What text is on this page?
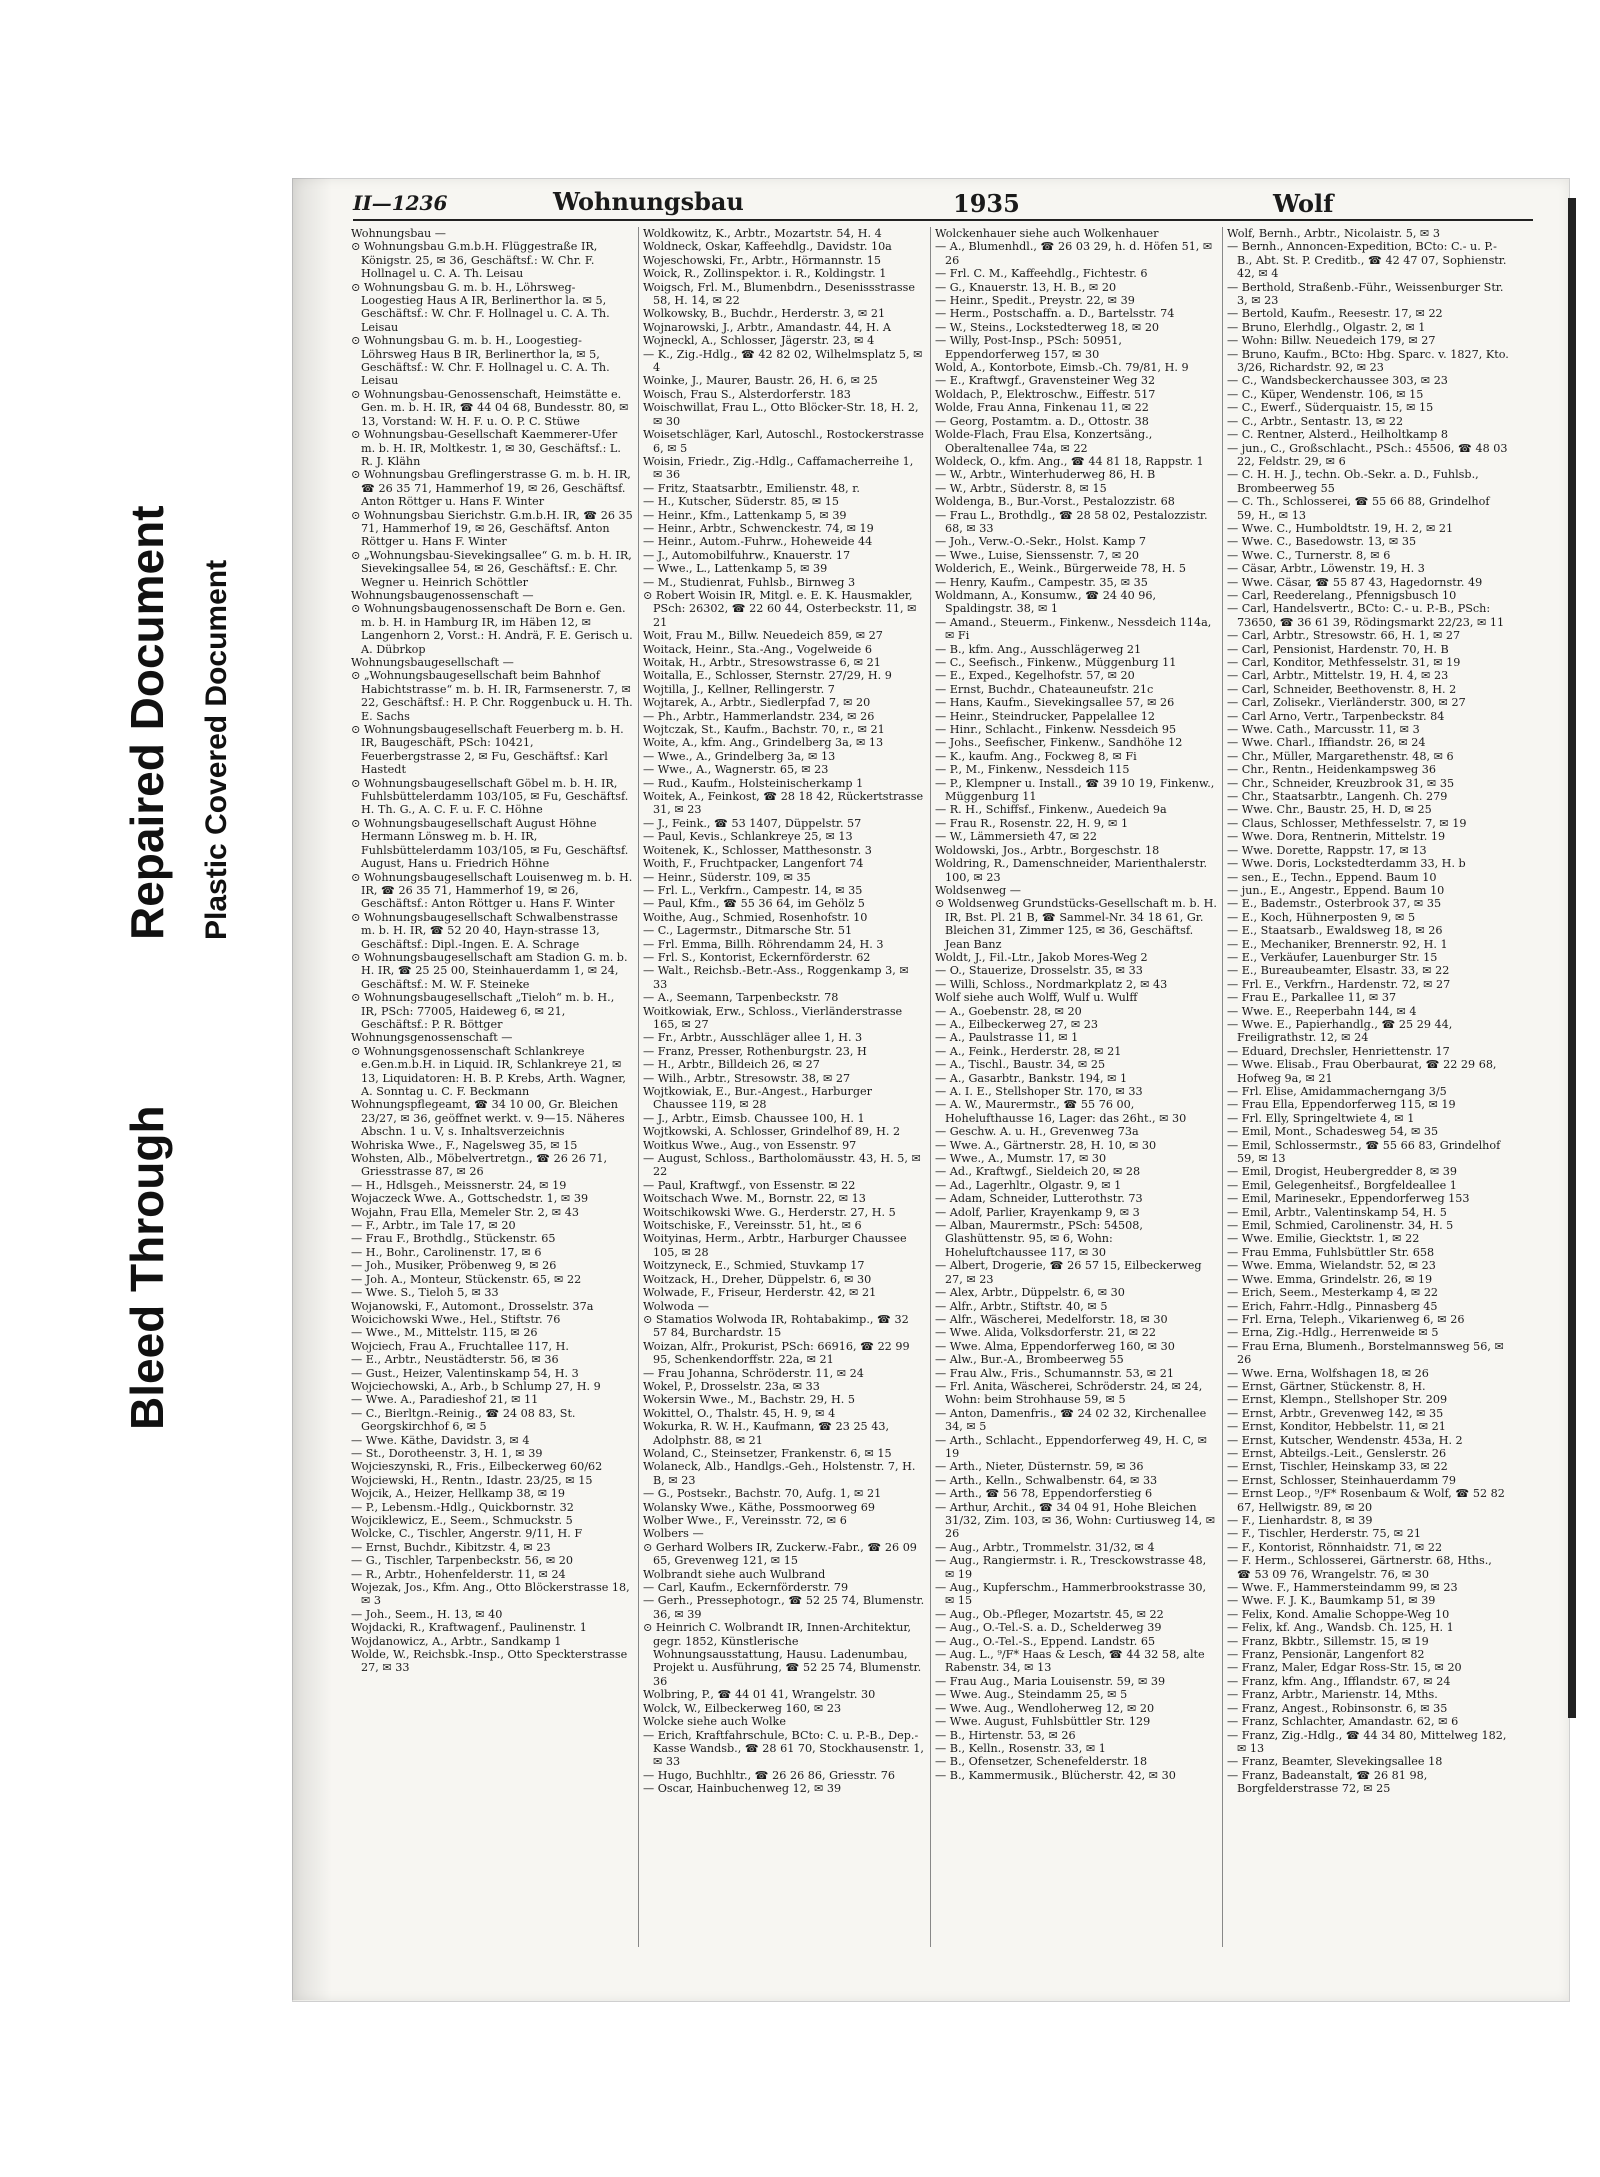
Bleed Through
Repaired Document Plastic Covered Document
II—1236	Wohnungsbau	1935	Wolf

Wohnungsbau —

⊙ Wohnungsbau G.m.b.H. Flüggestraße IR, Königstr. 25, ✉ 36, Geschäftsf.: W. Chr. F. Hollnagel u. C. A. Th. Leisau

⊙ Wohnungsbau G. m. b. H., Löhrsweg-Loogestieg Haus A IR, Berlinerthor la. ✉ 5, Geschäftsf.: W. Chr. F. Hollnagel u. C. A. Th. Leisau

⊙ Wohnungsbau G. m. b. H., Loogestieg-Löhrsweg Haus B IR, Berlinerthor la, ✉ 5, Geschäftsf.: W. Chr. F. Hollnagel u. C. A. Th. Leisau

⊙ Wohnungsbau-Genossenschaft, Heimstätte e. Gen. m. b. H. IR, ☎ 44 04 68, Bundesstr. 80, ✉ 13, Vorstand: W. H. F. u. O. P. C. Stüwe

⊙ Wohnungsbau-Gesellschaft Kaemmerer-Ufer m. b. H. IR, Moltkestr. 1, ✉ 30, Geschäftsf.: L. R. J. Klähn

⊙ Wohnungsbau Greflingerstrasse G. m. b. H. IR, ☎ 26 35 71, Hammerhof 19, ✉ 26, Geschäftsf. Anton Röttger u. Hans F. Winter

⊙ Wohnungsbau Sierichstr. G.m.b.H. IR, ☎ 26 35 71, Hammerhof 19, ✉ 26, Geschäftsf. Anton Röttger u. Hans F. Winter

⊙ „Wohnungsbau-Sievekingsallee“ G. m. b. H. IR, Sievekingsallee 54, ✉ 26, Geschäftsf.: E. Chr. Wegner u. Heinrich Schöttler

Wohnungsbaugenossenschaft —

⊙ Wohnungsbaugenossenschaft De Born e. Gen. m. b. H. in Hamburg IR, im Häben 12, ✉ Langenhorn 2, Vorst.: H. Andrä, F. E. Gerisch u. A. Dübrkop

Wohnungsbaugesellschaft —

⊙ „Wohnungsbaugesellschaft beim Bahnhof Habichtstrasse“ m. b. H. IR, Farmsenerstr. 7, ✉ 22, Geschäftsf.: H. P. Chr. Roggenbuck u. H. Th. E. Sachs

⊙ Wohnungsbaugesellschaft Feuerberg m. b. H. IR, Baugeschäft, PSch: 10421, Feuerbergstrasse 2, ✉ Fu, Geschäftsf.: Karl Hastedt

⊙ Wohnungsbaugesellschaft Göbel m. b. H. IR, Fuhlsbüttelerdamm 103/105, ✉ Fu, Geschäftsf. H. Th. G., A. C. F. u. F. C. Höhne

⊙ Wohnungsbaugesellschaft August Höhne Hermann Lönsweg m. b. H. IR, Fuhlsbüttelerdamm 103/105, ✉ Fu, Geschäftsf. August, Hans u. Friedrich Höhne

⊙ Wohnungsbaugesellschaft Louisenweg m. b. H. IR, ☎ 26 35 71, Hammerhof 19, ✉ 26, Geschäftsf.: Anton Röttger u. Hans F. Winter

⊙ Wohnungsbaugesellschaft Schwalbenstrasse m. b. H. IR, ☎ 52 20 40, Hayn-strasse 13, Geschäftsf.: Dipl.-Ingen. E. A. Schrage

⊙ Wohnungsbaugesellschaft am Stadion G. m. b. H. IR, ☎ 25 25 00, Steinhauerdamm 1, ✉ 24, Geschäftsf.: M. W. F. Steineke

⊙ Wohnungsbaugesellschaft „Tieloh“ m. b. H., IR, PSch: 77005, Haideweg 6, ✉ 21, Geschäftsf.: P. R. Böttger

Wohnungsgenossenschaft —

⊙ Wohnungsgenossenschaft Schlankreye e.Gen.m.b.H. in Liquid. IR, Schlankreye 21, ✉ 13, Liquidatoren: H. B. P. Krebs, Arth. Wagner, A. Sonntag u. C. F. Beckmann

Wohnungspflegeamt, ☎ 34 10 00, Gr. Bleichen 23/27, ✉ 36, geöffnet werkt. v. 9—15. Näheres Abschn. 1 u. V, s. Inhaltsverzeichnis

Wohriska Wwe., F., Nagelsweg 35, ✉ 15

Wohsten, Alb., Möbelvertretgn., ☎ 26 26 71, Griesstrasse 87, ✉ 26

— H., Hdlsgeh., Meissnerstr. 24, ✉ 19

Wojaczeck Wwe. A., Gottschedstr. 1, ✉ 39

Wojahn, Frau Ella, Memeler Str. 2, ✉ 43

— F., Arbtr., im Tale 17, ✉ 20

— Frau F., Brothdlg., Stückenstr. 65

— H., Bohr., Carolinenstr. 17, ✉ 6

— Joh., Musiker, Pröbenweg 9, ✉ 26

— Joh. A., Monteur, Stückenstr. 65, ✉ 22

— Wwe. S., Tieloh 5, ✉ 33

Wojanowski, F., Automont., Drosselstr. 37a

Woicichowski Wwe., Hel., Stiftstr. 76

— Wwe., M., Mittelstr. 115, ✉ 26

Wojciech, Frau A., Fruchtallee 117, H.

— E., Arbtr., Neustädterstr. 56, ✉ 36

— Gust., Heizer, Valentinskamp 54, H. 3

Wojciechowski, A., Arb., b Schlump 27, H. 9

— Wwe. A., Paradieshof 21, ✉ 11

— C., Bierltgn.-Reinig., ☎ 24 08 83, St. Georgskirchhof 6, ✉ 5

— Wwe. Käthe, Davidstr. 3, ✉ 4

— St., Dorotheenstr. 3, H. 1, ✉ 39

Wojcieszynski, R., Fris., Eilbeckerweg 60/62

Wojciewski, H., Rentn., Idastr. 23/25, ✉ 15

Wojcik, A., Heizer, Hellkamp 38, ✉ 19

— P., Lebensm.-Hdlg., Quickbornstr. 32

Wojciklewicz, E., Seem., Schmuckstr. 5

Wolcke, C., Tischler, Angerstr. 9/11, H. F

— Ernst, Buchdr., Kibitzstr. 4, ✉ 23

— G., Tischler, Tarpenbeckstr. 56, ✉ 20

— R., Arbtr., Hohenfelderstr. 11, ✉ 24

Wojezak, Jos., Kfm. Ang., Otto Blöckerstrasse 18, ✉ 3

— Joh., Seem., H. 13, ✉ 40

Wojdacki, R., Kraftwagenf., Paulinenstr. 1

Wojdanowicz, A., Arbtr., Sandkamp 1

Wolde, W., Reichsbk.-Insp., Otto Speckterstrasse 27, ✉ 33

Woldkowitz, K., Arbtr., Mozartstr. 54, H. 4

Woldneck, Oskar, Kaffeehdlg., Davidstr. 10a

Wojeschowski, Fr., Arbtr., Hörmannstr. 15

Woick, R., Zollinspektor. i. R., Koldingstr. 1

Woigsch, Frl. M., Blumenbdrn., Desenissstrasse 58, H. 14, ✉ 22

Wolkowsky, B., Buchdr., Herderstr. 3, ✉ 21

Wojnarowski, J., Arbtr., Amandastr. 44, H. A

Wojneckl, A., Schlosser, Jägerstr. 23, ✉ 4

— K., Zig.-Hdlg., ☎ 42 82 02, Wilhelmsplatz 5, ✉ 4

Woinke, J., Maurer, Baustr. 26, H. 6, ✉ 25

Woisch, Frau S., Alsterdorferstr. 183

Woischwillat, Frau L., Otto Blöcker-Str. 18, H. 2, ✉ 30

Woisetschläger, Karl, Autoschl., Rostockerstrasse 6, ✉ 5

Woisin, Friedr., Zig.-Hdlg., Caffamacherreihe 1, ✉ 36

— Fritz, Staatsarbtr., Emilienstr. 48, r.

— H., Kutscher, Süderstr. 85, ✉ 15

— Heinr., Kfm., Lattenkamp 5, ✉ 39

— Heinr., Arbtr., Schwenckestr. 74, ✉ 19

— Heinr., Autom.-Fuhrw., Hoheweide 44

— J., Automobilfuhrw., Knauerstr. 17

— Wwe., L., Lattenkamp 5, ✉ 39

— M., Studienrat, Fuhlsb., Birnweg 3

⊙ Robert Woisin IR, Mitgl. e. E. K. Hausmakler, PSch: 26302, ☎ 22 60 44, Osterbeckstr. 11, ✉ 21

Woit, Frau M., Billw. Neuedeich 859, ✉ 27

Woitack, Heinr., Sta.-Ang., Vogelweide 6

Woitak, H., Arbtr., Stresowstrasse 6, ✉ 21

Woitalla, E., Schlosser, Sternstr. 27/29, H. 9

Wojtilla, J., Kellner, Rellingerstr. 7

Wojtarek, A., Arbtr., Siedlerpfad 7, ✉ 20

— Ph., Arbtr., Hammerlandstr. 234, ✉ 26

Wojtczak, St., Kaufm., Bachstr. 70, r., ✉ 21

Woite, A., kfm. Ang., Grindelberg 3a, ✉ 13

— Wwe., A., Grindelberg 3a, ✉ 13

— Wwe., A., Wagnerstr. 65, ✉ 23

— Rud., Kaufm., Holsteinischerkamp 1

Woitek, A., Feinkost, ☎ 28 18 42, Rückertstrasse 31, ✉ 23

— J., Feink., ☎ 53 1407, Düppelstr. 57

— Paul, Kevis., Schlankreye 25, ✉ 13

Woitenek, K., Schlosser, Matthesonstr. 3

Woith, F., Fruchtpacker, Langenfort 74

— Heinr., Süderstr. 109, ✉ 35

— Frl. L., Verkfrn., Campestr. 14, ✉ 35

— Paul, Kfm., ☎ 55 36 64, im Gehölz 5

Woithe, Aug., Schmied, Rosenhofstr. 10

— C., Lagermstr., Ditmarsche Str. 51

— Frl. Emma, Billh. Röhrendamm 24, H. 3

— Frl. S., Kontorist, Eckernförderstr. 62

— Walt., Reichsb.-Betr.-Ass., Roggenkamp 3, ✉ 33

— A., Seemann, Tarpenbeckstr. 78

Woitkowiak, Erw., Schloss., Vierländerstrasse 165, ✉ 27

— Fr., Arbtr., Ausschläger allee 1, H. 3

— Franz, Presser, Rothenburgstr. 23, H

— H., Arbtr., Billdeich 26, ✉ 27

— Wilh., Arbtr., Stresowstr. 38, ✉ 27

Wojtkowiak, E., Bur.-Angest., Harburger Chaussee 119, ✉ 28

— J., Arbtr., Eimsb. Chaussee 100, H. 1

Wojtkowski, A. Schlosser, Grindelhof 89, H. 2

Woitkus Wwe., Aug., von Essenstr. 97

— August, Schloss., Bartholomäusstr. 43, H. 5, ✉ 22

— Paul, Kraftwgf., von Essenstr. ✉ 22

Woitschach Wwe. M., Bornstr. 22, ✉ 13

Woitschikowski Wwe. G., Herderstr. 27, H. 5

Woitschiske, F., Vereinsstr. 51, ht., ✉ 6

Woityinas, Herm., Arbtr., Harburger Chaussee 105, ✉ 28

Woitzyneck, E., Schmied, Stuvkamp 17

Woitzack, H., Dreher, Düppelstr. 6, ✉ 30

Wolwade, F., Friseur, Herderstr. 42, ✉ 21

Wolwoda —

⊙ Stamatios Wolwoda IR, Rohtabakimp., ☎ 32 57 84, Burchardstr. 15

Woizan, Alfr., Prokurist, PSch: 66916, ☎ 22 99 95, Schenkendorffstr. 22a, ✉ 21

— Frau Johanna, Schröderstr. 11, ✉ 24

Wokel, P., Drosselstr. 23a, ✉ 33

Wokersin Wwe., M., Bachstr. 29, H. 5

Wokittel, O., Thalstr. 45, H. 9, ✉ 4

Wokurka, R. W. H., Kaufmann, ☎ 23 25 43, Adolphstr. 88, ✉ 21

Woland, C., Steinsetzer, Frankenstr. 6, ✉ 15

Wolaneck, Alb., Handlgs.-Geh., Holstenstr. 7, H. B, ✉ 23

— G., Postsekr., Bachstr. 70, Aufg. 1, ✉ 21

Wolansky Wwe., Käthe, Possmoorweg 69

Wolber Wwe., F., Vereinsstr. 72, ✉ 6

Wolbers —

⊙ Gerhard Wolbers IR, Zuckerw.-Fabr., ☎ 26 09 65, Grevenweg 121, ✉ 15

Wolbrandt siehe auch Wulbrand

— Carl, Kaufm., Eckernförderstr. 79

— Gerh., Pressephotogr., ☎ 52 25 74, Blumenstr. 36, ✉ 39

⊙ Heinrich C. Wolbrandt IR, Innen-Architektur, gegr. 1852, Künstlerische Wohnungsausstattung, Hausu. Ladenumbau, Projekt u. Ausführung, ☎ 52 25 74, Blumenstr. 36

Wolbring, P., ☎ 44 01 41, Wrangelstr. 30

Wolck, W., Eilbeckerweg 160, ✉ 23

Wolcke siehe auch Wolke

— Erich, Kraftfahrschule, BCto: C. u. P.-B., Dep.-Kasse Wandsb., ☎ 28 61 70, Stockhausenstr. 1, ✉ 33

— Hugo, Buchhltr., ☎ 26 26 86, Griesstr. 76

— Oscar, Hainbuchenweg 12, ✉ 39

Wolckenhauer siehe auch Wolkenhauer

— A., Blumenhdl., ☎ 26 03 29, h. d. Höfen 51, ✉ 26

— Frl. C. M., Kaffeehdlg., Fichtestr. 6

— G., Knauerstr. 13, H. B., ✉ 20

— Heinr., Spedit., Preystr. 22, ✉ 39

— Herm., Postschaffn. a. D., Bartelsstr. 74

— W., Steins., Lockstedterweg 18, ✉ 20

— Willy, Post-Insp., PSch: 50951, Eppendorferweg 157, ✉ 30

Wold, A., Kontorbote, Eimsb.-Ch. 79/81, H. 9

— E., Kraftwgf., Gravensteiner Weg 32

Woldach, P., Elektroschw., Eiffestr. 517

Wolde, Frau Anna, Finkenau 11, ✉ 22

— Georg, Postamtm. a. D., Ottostr. 38

Wolde-Flach, Frau Elsa, Konzertsäng., Oberaltenallee 74a, ✉ 22

Woldeck, O., kfm. Ang., ☎ 44 81 18, Rappstr. 1

— W., Arbtr., Winterhuderweg 86, H. B

— W., Arbtr., Süderstr. 8, ✉ 15

Woldenga, B., Bur.-Vorst., Pestalozzistr. 68

— Frau L., Brothdlg., ☎ 28 58 02, Pestalozzistr. 68, ✉ 33

— Joh., Verw.-O.-Sekr., Holst. Kamp 7

— Wwe., Luise, Sienssenstr. 7, ✉ 20

Wolderich, E., Weink., Bürgerweide 78, H. 5

— Henry, Kaufm., Campestr. 35, ✉ 35

Woldmann, A., Konsumw., ☎ 24 40 96, Spaldingstr. 38, ✉ 1

— Amand., Steuerm., Finkenw., Nessdeich 114a, ✉ Fi

— B., kfm. Ang., Ausschlägerweg 21

— C., Seefisch., Finkenw., Müggenburg 11

— E., Exped., Kegelhofstr. 57, ✉ 20

— Ernst, Buchdr., Chateauneufstr. 21c

— Hans, Kaufm., Sievekingsallee 57, ✉ 26

— Heinr., Steindrucker, Pappelallee 12

— Hinr., Schlacht., Finkenw. Nessdeich 95

— Johs., Seefischer, Finkenw., Sandhöhe 12

— K., kaufm. Ang., Fockweg 8, ✉ Fi

— P., M., Finkenw., Nessdeich 115

— P., Klempner u. Install., ☎ 39 10 19, Finkenw., Müggenburg 11

— R. H., Schiffsf., Finkenw., Auedeich 9a

— Frau R., Rosenstr. 22, H. 9, ✉ 1

— W., Lämmersieth 47, ✉ 22

Woldowski, Jos., Arbtr., Borgeschstr. 18

Woldring, R., Damenschneider, Marienthalerstr. 100, ✉ 23

Woldsenweg —

⊙ Woldsenweg Grundstücks-Gesellschaft m. b. H. IR, Bst. Pl. 21 B, ☎ Sammel-Nr. 34 18 61, Gr. Bleichen 31, Zimmer 125, ✉ 36, Geschäftsf. Jean Banz

Woldt, J., Fil.-Ltr., Jakob Mores-Weg 2

— O., Stauerize, Drosselstr. 35, ✉ 33

— Willi, Schloss., Nordmarkplatz 2, ✉ 43

Wolf siehe auch Wolff, Wulf u. Wulff

— A., Goebenstr. 28, ✉ 20

— A., Eilbeckerweg 27, ✉ 23

— A., Paulstrasse 11, ✉ 1

— A., Feink., Herderstr. 28, ✉ 21

— A., Tischl., Baustr. 34, ✉ 25

— A., Gasarbtr., Bankstr. 194, ✉ 1

— A. I. E., Stellshoper Str. 170, ✉ 33

— A. W., Maurermstr., ☎ 55 76 00, Hohelufthausse 16, Lager: das 26ht., ✉ 30

— Geschw. A. u. H., Grevenweg 73a

— Wwe. A., Gärtnerstr. 28, H. 10, ✉ 30

— Wwe., A., Mumstr. 17, ✉ 30

— Ad., Kraftwgf., Sieldeich 20, ✉ 28

— Ad., Lagerhltr., Olgastr. 9, ✉ 1

— Adam, Schneider, Lutterothstr. 73

— Adolf, Parlier, Krayenkamp 9, ✉ 3

— Alban, Maurermstr., PSch: 54508, Glashüttenstr. 95, ✉ 6, Wohn: Hoheluftchaussee 117, ✉ 30

— Albert, Drogerie, ☎ 26 57 15, Eilbeckerweg 27, ✉ 23

— Alex, Arbtr., Düppelstr. 6, ✉ 30

— Alfr., Arbtr., Stiftstr. 40, ✉ 5

— Alfr., Wäscherei, Medelforstr. 18, ✉ 30

— Wwe. Alida, Volksdorferstr. 21, ✉ 22

— Wwe. Alma, Eppendorferweg 160, ✉ 30

— Alw., Bur.-A., Brombeerweg 55

— Frau Alw., Fris., Schumannstr. 53, ✉ 21

— Frl. Anita, Wäscherei, Schröderstr. 24, ✉ 24, Wohn: beim Strohhause 59, ✉ 5

— Anton, Damenfris., ☎ 24 02 32, Kirchenallee 34, ✉ 5

— Arth., Schlacht., Eppendorferweg 49, H. C, ✉ 19

— Arth., Nieter, Düsternstr. 59, ✉ 36

— Arth., Kelln., Schwalbenstr. 64, ✉ 33

— Arth., ☎ 56 78, Eppendorferstieg 6

— Arthur, Archit., ☎ 34 04 91, Hohe Bleichen 31/32, Zim. 103, ✉ 36, Wohn: Curtiusweg 14, ✉ 26

— Aug., Arbtr., Trommelstr. 31/32, ✉ 4

— Aug., Rangiermstr. i. R., Tresckowstrasse 48, ✉ 19

— Aug., Kupferschm., Hammerbrookstrasse 30, ✉ 15

— Aug., Ob.-Pfleger, Mozartstr. 45, ✉ 22

— Aug., O.-Tel.-S. a. D., Schelderweg 39

— Aug., O.-Tel.-S., Eppend. Landstr. 65

— Aug. L., ⁹/F* Haas & Lesch, ☎ 44 32 58, alte Rabenstr. 34, ✉ 13

— Frau Aug., Maria Louisenstr. 59, ✉ 39

— Wwe. Aug., Steindamm 25, ✉ 5

— Wwe. Aug., Wendloherweg 12, ✉ 20

— Wwe. August, Fuhlsbüttler Str. 129

— B., Hirtenstr. 53, ✉ 26

— B., Kelln., Rosenstr. 33, ✉ 1

— B., Ofensetzer, Schenefelderstr. 18

— B., Kammermusik., Blücherstr. 42, ✉ 30

Wolf, Bernh., Arbtr., Nicolaistr. 5, ✉ 3

— Bernh., Annoncen-Expedition, BCto: C.- u. P.-B., Abt. St. P. Creditb., ☎ 42 47 07, Sophienstr. 42, ✉ 4

— Berthold, Straßenb.-Führ., Weissenburger Str. 3, ✉ 23

— Bertold, Kaufm., Reesestr. 17, ✉ 22

— Bruno, Elerhdlg., Olgastr. 2, ✉ 1

— Wohn: Billw. Neuedeich 179, ✉ 27

— Bruno, Kaufm., BCto: Hbg. Sparc. v. 1827, Kto. 3/26, Richardstr. 92, ✉ 23

— C., Wandsbeckerchaussee 303, ✉ 23

— C., Küper, Wendenstr. 106, ✉ 15

— C., Ewerf., Süderquaistr. 15, ✉ 15

— C., Arbtr., Sentastr. 13, ✉ 22

— C. Rentner, Alsterd., Heilholtkamp 8

— jun., C., Großschlacht., PSch.: 45506, ☎ 48 03 22, Feldstr. 29, ✉ 6

— C. H. H. J., techn. Ob.-Sekr. a. D., Fuhlsb., Brombeerweg 55

— C. Th., Schlosserei, ☎ 55 66 88, Grindelhof 59, H., ✉ 13

— Wwe. C., Humboldtstr. 19, H. 2, ✉ 21

— Wwe. C., Basedowstr. 13, ✉ 35

— Wwe. C., Turnerstr. 8, ✉ 6

— Cäsar, Arbtr., Löwenstr. 19, H. 3

— Wwe. Cäsar, ☎ 55 87 43, Hagedornstr. 49

— Carl, Reederelang., Pfennigsbusch 10

— Carl, Handelsvertr., BCto: C.- u. P.-B., PSch: 73650, ☎ 36 61 39, Rödingsmarkt 22/23, ✉ 11

— Carl, Arbtr., Stresowstr. 66, H. 1, ✉ 27

— Carl, Pensionist, Hardenstr. 70, H. B

— Carl, Konditor, Methfesselstr. 31, ✉ 19

— Carl, Arbtr., Mittelstr. 19, H. 4, ✉ 23

— Carl, Schneider, Beethovenstr. 8, H. 2

— Carl, Zolisekr., Vierländerstr. 300, ✉ 27

— Carl Arno, Vertr., Tarpenbeckstr. 84

— Wwe. Cath., Marcusstr. 11, ✉ 3

— Wwe. Charl., Iffiandstr. 26, ✉ 24

— Chr., Müller, Margarethenstr. 48, ✉ 6

— Chr., Rentn., Heidenkampsweg 36

— Chr., Schneider, Kreuzbrook 31, ✉ 35

— Chr., Staatsarbtr., Langenh. Ch. 279

— Wwe. Chr., Baustr. 25, H. D, ✉ 25

— Claus, Schlosser, Methfesselstr. 7, ✉ 19

— Wwe. Dora, Rentnerin, Mittelstr. 19

— Wwe. Dorette, Rappstr. 17, ✉ 13

— Wwe. Doris, Lockstedterdamm 33, H. b

— sen., E., Techn., Eppend. Baum 10

— jun., E., Angestr., Eppend. Baum 10

— E., Bademstr., Osterbrook 37, ✉ 35

— E., Koch, Hühnerposten 9, ✉ 5

— E., Staatsarb., Ewaldsweg 18, ✉ 26

— E., Mechaniker, Brennerstr. 92, H. 1

— E., Verkäufer, Lauenburger Str. 15

— E., Bureaubeamter, Elsastr. 33, ✉ 22

— Frl. E., Verkfrn., Hardenstr. 72, ✉ 27

— Frau E., Parkallee 11, ✉ 37

— Wwe. E., Reeperbahn 144, ✉ 4

— Wwe. E., Papierhandlg., ☎ 25 29 44, Freiligrathstr. 12, ✉ 24

— Eduard, Drechsler, Henriettenstr. 17

— Wwe. Elisab., Frau Oberbaurat, ☎ 22 29 68, Hofweg 9a, ✉ 21

— Frl. Elise, Amidammacherngang 3/5

— Frau Ella, Eppendorferweg 115, ✉ 19

— Frl. Elly, Springeltwiete 4, ✉ 1

— Emil, Mont., Schadesweg 54, ✉ 35

— Emil, Schlossermstr., ☎ 55 66 83, Grindelhof 59, ✉ 13

— Emil, Drogist, Heubergredder 8, ✉ 39

— Emil, Gelegenheitsf., Borgfeldeallee 1

— Emil, Marinesekr., Eppendorferweg 153

— Emil, Arbtr., Valentinskamp 54, H. 5

— Emil, Schmied, Carolinenstr. 34, H. 5

— Wwe. Emilie, Giecktstr. 1, ✉ 22

— Frau Emma, Fuhlsbüttler Str. 658

— Wwe. Emma, Wielandstr. 52, ✉ 23

— Wwe. Emma, Grindelstr. 26, ✉ 19

— Erich, Seem., Mesterkamp 4, ✉ 22

— Erich, Fahrr.-Hdlg., Pinnasberg 45

— Frl. Erna, Teleph., Vikarienweg 6, ✉ 26

— Erna, Zig.-Hdlg., Herrenweide ✉ 5

— Frau Erna, Blumenh., Borstelmannsweg 56, ✉ 26

— Wwe. Erna, Wolfshagen 18, ✉ 26

— Ernst, Gärtner, Stückenstr. 8, H.

— Ernst, Klempn., Stellshoper Str. 209

— Ernst, Arbtr., Grevenweg 142, ✉ 35

— Ernst, Konditor, Hebbelstr. 11, ✉ 21

— Ernst, Kutscher, Wendenstr. 453a, H. 2

— Ernst, Abteilgs.-Leit., Genslerstr. 26

— Ernst, Tischler, Heinskamp 33, ✉ 22

— Ernst, Schlosser, Steinhauerdamm 79

— Ernst Leop., ⁹/F* Rosenbaum & Wolf, ☎ 52 82 67, Hellwigstr. 89, ✉ 20

— F., Lienhardstr. 8, ✉ 39

— F., Tischler, Herderstr. 75, ✉ 21

— F., Kontorist, Rönnhaidstr. 71, ✉ 22

— F. Herm., Schlosserei, Gärtnerstr. 68, Hths., ☎ 53 09 76, Wrangelstr. 76, ✉ 30

— Wwe. F., Hammersteindamm 99, ✉ 23

— Wwe. F. J. K., Baumkamp 51, ✉ 39

— Felix, Kond. Amalie Schoppe-Weg 10

— Felix, kf. Ang., Wandsb. Ch. 125, H. 1

— Franz, Bkbtr., Sillemstr. 15, ✉ 19

— Franz, Pensionär, Langenfort 82

— Franz, Maler, Edgar Ross-Str. 15, ✉ 20

— Franz, kfm. Ang., Ifflandstr. 67, ✉ 24

— Franz, Arbtr., Marienstr. 14, Mths.

— Franz, Angest., Robinsonstr. 6, ✉ 35

— Franz, Schlachter, Amandastr. 62, ✉ 6

— Franz, Zig.-Hdlg., ☎ 44 34 80, Mittelweg 182, ✉ 13

— Franz, Beamter, Slevekingsallee 18

— Franz, Badeanstalt, ☎ 26 81 98, Borgfelderstrasse 72, ✉ 25
